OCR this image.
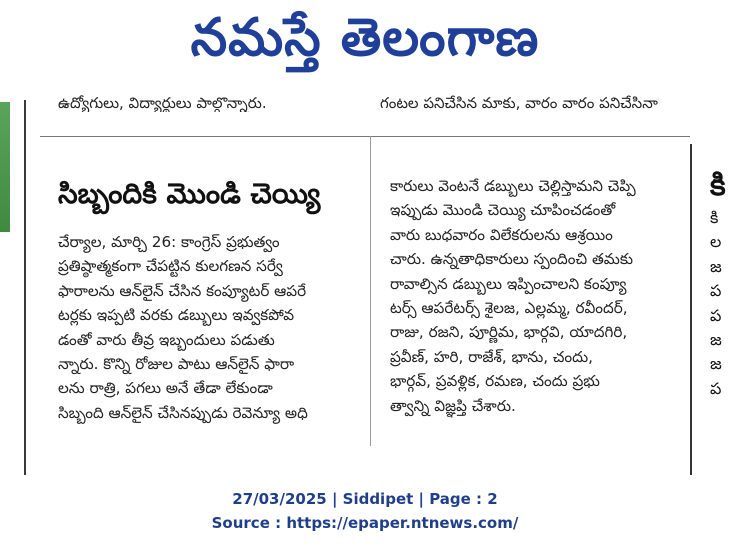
నమస్తే తెలంగాణ
ఉద్యోగులు, విద్యార్థులు పాల్గొన్నారు.	గంటల పనిచేసిన మాకు, వారం వారం పనిచేసినా
సిబ్బందికి మొండి చెయ్యి
చేర్యాల, మార్చి 26: కాంగ్రెస్ ప్రభుత్వం
ప్రతిష్ఠాత్మకంగా చేపట్టిన కులగణన సర్వే
ఫారాలను ఆన్‌లైన్ చేసిన కంప్యూటర్ ఆపరే
టర్లకు ఇప్పటి వరకు డబ్బులు ఇవ్వకపోవ
డంతో వారు తీవ్ర ఇబ్బందులు పడుతు
న్నారు. కొన్ని రోజుల పాటు ఆన్‌లైన్ ఫారా
లను రాత్రి, పగలు అనే తేడా లేకుండా
సిబ్బంది ఆన్‌లైన్ చేసినప్పుడు రెవెన్యూ అధి
కారులు వెంటనే డబ్బులు చెల్లిస్తామని చెప్పి
ఇప్పుడు మొండి చెయ్యి చూపించడంతో
వారు బుధవారం విలేకరులను ఆశ్రయిం
చారు. ఉన్నతాధికారులు స్పందించి తమకు
రావాల్సిన డబ్బులు ఇప్పించాలని కంప్యూ
టర్స్ ఆపరేటర్స్ శైలజ, ఎల్లమ్మ, రవీందర్,
రాజు, రజని, పూర్ణిమ, భార్గవి, యాదగిరి,
ప్రవీణ్, హరి, రాజేశ్, భాను, చందు,
భార్గవ్, ప్రవళ్లిక, రమణ, చందు ప్రభు
త్వాన్ని విజ్ఞప్తి చేశారు.
కి
కి
ల
జ
ప
ప
జ
జ
ప
27/03/2025 | Siddipet | Page : 2
Source : https://epaper.ntnews.com/
